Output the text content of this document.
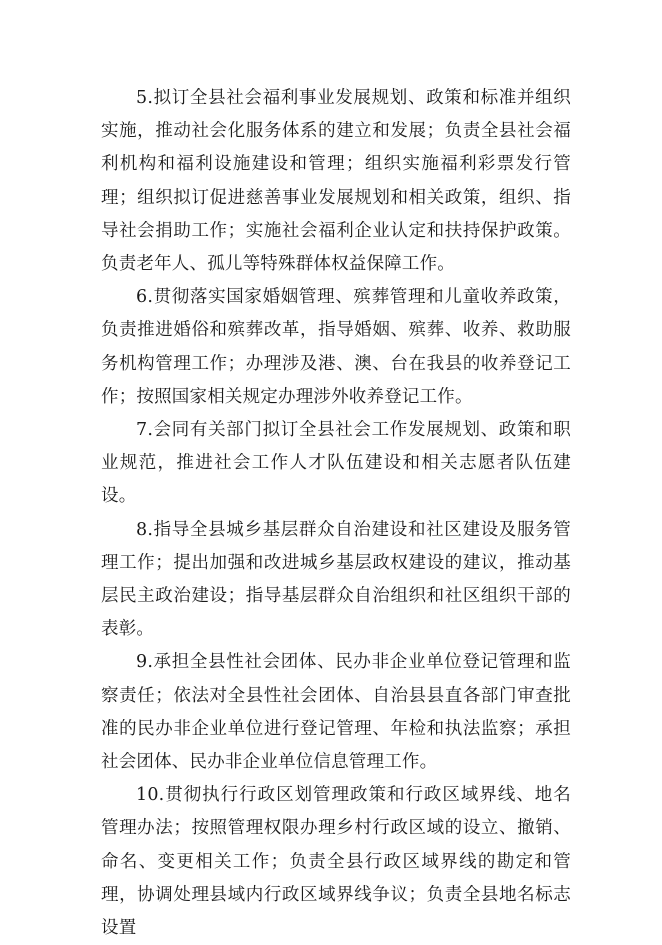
5.拟订全县社会福利事业发展规划、政策和标准并组织实施，推动社会化服务体系的建立和发展；负责全县社会福利机构和福利设施建设和管理；组织实施福利彩票发行管理；组织拟订促进慈善事业发展规划和相关政策，组织、指导社会捐助工作；实施社会福利企业认定和扶持保护政策。负责老年人、孤儿等特殊群体权益保障工作。

6.贯彻落实国家婚姻管理、殡葬管理和儿童收养政策，负责推进婚俗和殡葬改革，指导婚姻、殡葬、收养、救助服务机构管理工作；办理涉及港、澳、台在我县的收养登记工作；按照国家相关规定办理涉外收养登记工作。

7.会同有关部门拟订全县社会工作发展规划、政策和职业规范，推进社会工作人才队伍建设和相关志愿者队伍建设。

8.指导全县城乡基层群众自治建设和社区建设及服务管理工作；提出加强和改进城乡基层政权建设的建议，推动基层民主政治建设；指导基层群众自治组织和社区组织干部的表彰。

9.承担全县性社会团体、民办非企业单位登记管理和监察责任；依法对全县性社会团体、自治县县直各部门审查批准的民办非企业单位进行登记管理、年检和执法监察；承担社会团体、民办非企业单位信息管理工作。

10.贯彻执行行政区划管理政策和行政区域界线、地名管理办法；按照管理权限办理乡村行政区域的设立、撤销、命名、变更相关工作；负责全县行政区域界线的勘定和管理，协调处理县域内行政区域界线争议；负责全县地名标志设置
